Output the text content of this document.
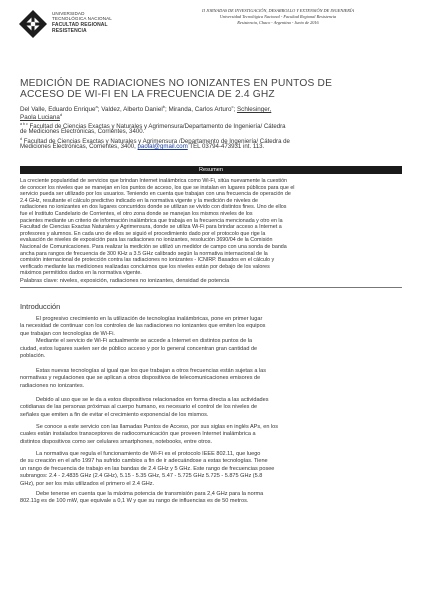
UNIVERSIDAD
TECNOLÓGICA NACIONAL
FACULTAD REGIONAL
RESISTENCIA
II JORNADAS DE INVESTIGACIÓN, DESARROLLO Y EXTENSIÓN DE INGENIERÍA
Universidad Tecnológica Nacional - Facultad Regional Resistencia
Resistencia, Chaco - Argentina - Junio de 2016
MEDICIÓN DE RADIACIONES NO IONIZANTES EN PUNTOS DE
ACCESO DE WI-FI EN LA FRECUENCIA DE 2.4 GHZ
Del Valle, Eduardo Enrique$^a$; Valdez, Alberto Daniel$^b$; Miranda, Carlos Arturo$^c$; Schlesinger,
Paola Luciana$^d$
$^{a b c}$ Facultad de Ciencias Exactas y Naturales y Agrimensura/Departamento de Ingeniería/ Cátedra
de Mediciones Electrónicas, Corrientes, 3400.
$^d$ Facultad de Ciencias Exactas y Naturales y Agrimensura /Departamento de Ingeniería/ Cátedra de
Mediciones Electrónicas, Corrientes, 3400, paolal@gmail.com TEL 03794-473931 int. 113.
Resumen
La creciente popularidad de servicios que brindan Internet inalámbrica como Wi-Fi, sitúa nuevamente la cuestión
de conocer los niveles que se manejan en los puntos de acceso, los que se instalan en lugares públicos para que el
servicio pueda ser utilizado por los usuarios. Teniendo en cuenta que trabajan con una frecuencia de operación de
2.4 GHz, resultante el cálculo predictivo indicado en la normativa vigente y la medición de niveles de
radiaciones no ionizantes en dos lugares concurridos donde se utilizan se vivido con distintos fines. Uno de ellos
fue el Instituto Candelario de Corrientes, el otro zona donde se manejan los mismos niveles de los
pacientes mediante un criterio de información inalámbrica que trabaja en la frecuencia mencionada y otro en la
Facultad de Ciencias Exactas Naturales y Agrimensura, donde se utiliza Wi-Fi para brindar acceso a Internet a
profesores y alumnos. En cada uno de ellos se siguió el procedimiento dado por el protocolo que rige la
evaluación de niveles de exposición para las radiaciones no ionizantes, resolución 3690/04 de la Comisión
Nacional de Comunicaciones. Para realizar la medición se utilizó un medidor de campo con una sonda de banda
ancha para rangos de frecuencia de 300 KHz a 3.5 GHz calibrado según la normativa internacional de la
comisión internacional de protección contra las radiaciones no ionizantes - ICNIRP. Basados en el cálculo y
verificado mediante las mediciones realizadas concluimos que los niveles están por debajo de los valores
máximos permitidos dados en la normativa vigente.
Palabras clave: niveles, exposición, radiaciones no ionizantes, densidad de potencia
Introducción
El progresivo crecimiento en la utilización de tecnologías inalámbricas, pone en primer lugar
la necesidad de continuar con los controles de las radiaciones no ionizantes que emiten los equipos
que trabajan con tecnologías de Wi-Fi.
Mediante el servicio de Wi-Fi actualmente se accede a Internet en distintos puntos de la
ciudad, estos lugares suelen ser de público acceso y por lo general concentran gran cantidad de
población.
Estas nuevas tecnologías al igual que los que trabajan a otros frecuencias están sujetas a las
normativas y regulaciones que se aplican a otros dispositivos de telecomunicaciones emisores de
radiaciones no ionizantes.
Debido al uso que se le da a estos dispositivos relacionados en forma directa a las actividades
cotidianas de las personas próximas al cuerpo humano, es necesario el control de los niveles de
señales que emiten a fin de evitar el crecimiento exponencial de los mismos.
Se conoce a este servicio con las llamadas Puntos de Acceso, por sus siglas en inglés APs, en los
cuales están instalados transceptores de radiocomunicación que proveen Internet inalámbrica a
distintos dispositivos como ser celulares smartphones, notebooks, entre otros.
La normativa que regula el funcionamiento de Wi-Fi es el protocolo IEEE 802.11, que luego
de su creación en el año 1997 ha sufrido cambios a fin de ir adecuándose a estas tecnologías. Tiene
un rango de frecuencia de trabajo en las bandas de 2.4 GHz y 5 GHz. Este rango de frecuencias posee
subrangos: 2.4 - 2.4835 GHz (2.4 GHz), 5.15 - 5.35 GHz, 5.47 - 5.725 GHz 5.725 - 5.875 GHz (5.8
GHz), por ser los más utilizados el primero el 2.4 GHz.
Debe tenerse en cuenta que la máxima potencia de transmisión para 2,4 GHz para la norma
802.11g es de 100 mW, que equivale a 0,1 W y que su rango de influencias es de 50 metros.
